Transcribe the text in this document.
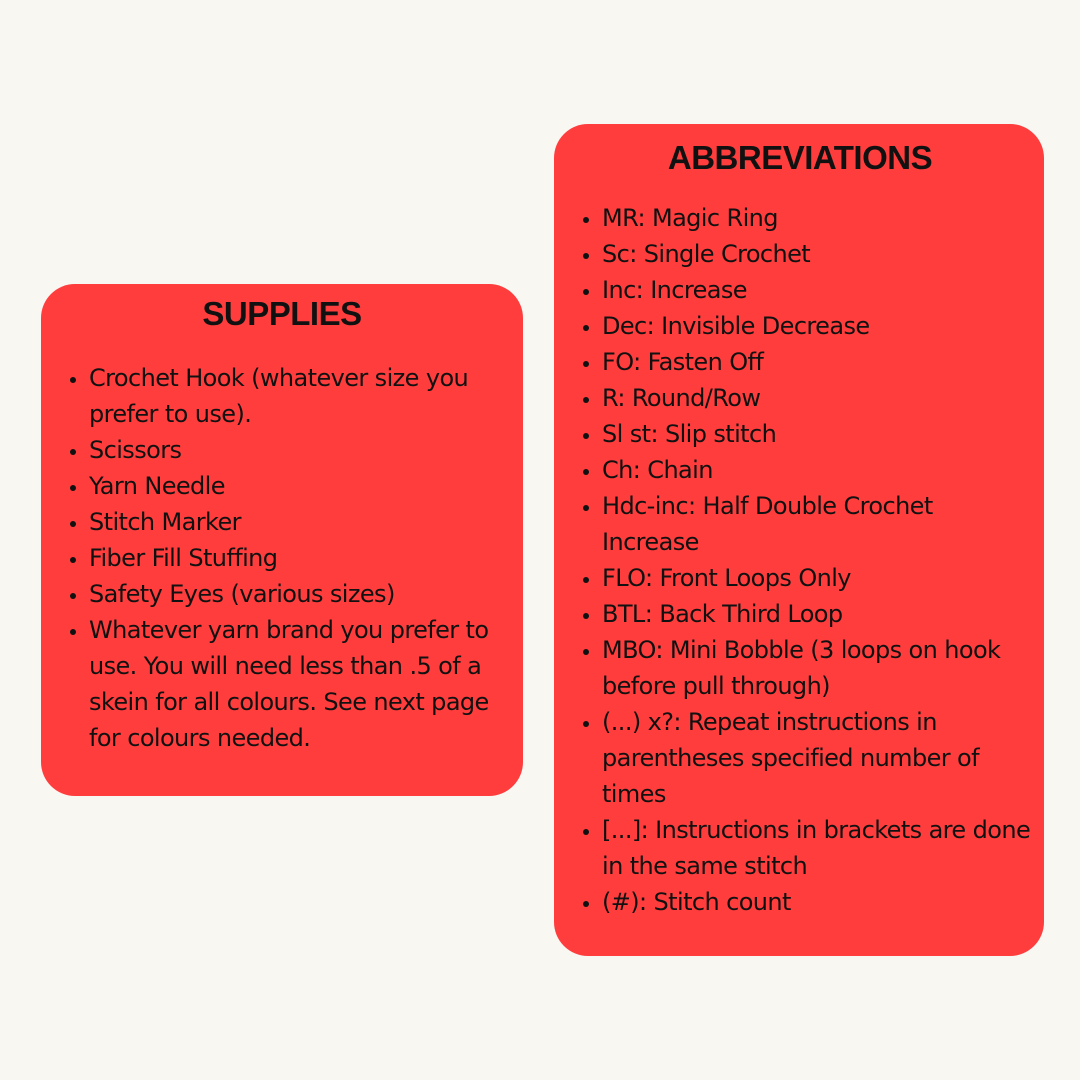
SUPPLIES
• Crochet Hook (whatever size you prefer to use).
• Scissors
• Yarn Needle
• Stitch Marker
• Fiber Fill Stuffing
• Safety Eyes (various sizes)
• Whatever yarn brand you prefer to use. You will need less than .5 of a skein for all colours. See next page for colours needed.
ABBREVIATIONS
• MR: Magic Ring
• Sc: Single Crochet
• Inc: Increase
• Dec: Invisible Decrease
• FO: Fasten Off
• R: Round/Row
• Sl st: Slip stitch
• Ch: Chain
• Hdc-inc: Half Double Crochet Increase
• FLO: Front Loops Only
• BTL: Back Third Loop
• MBO: Mini Bobble (3 loops on hook before pull through)
• (...) x?: Repeat instructions in parentheses specified number of times
• [...]: Instructions in brackets are done in the same stitch
• (#): Stitch count
